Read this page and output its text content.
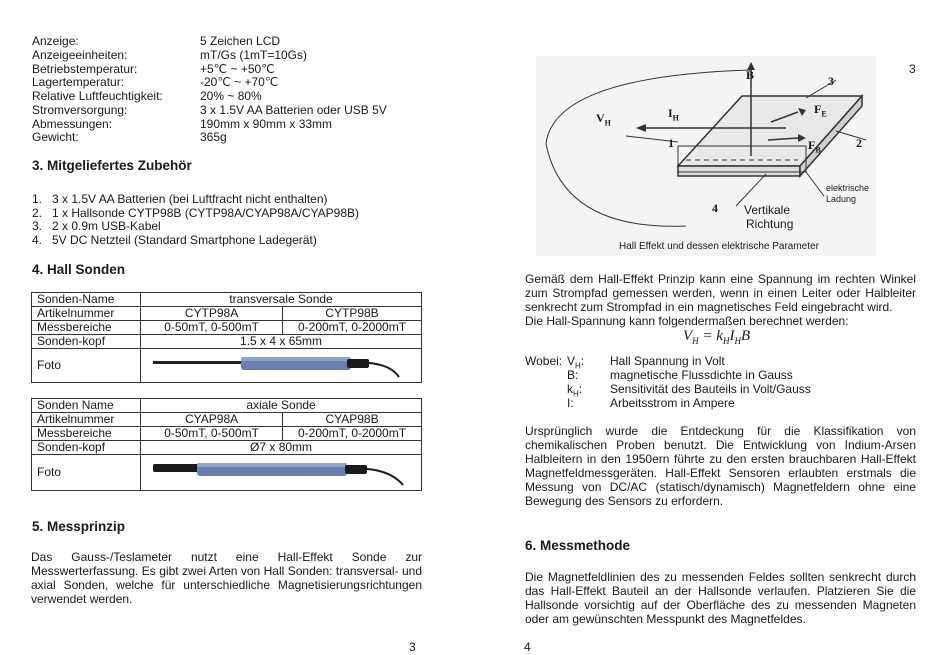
Anzeige:	5 Zeichen LCD
Anzeigeeinheiten:	mT/Gs (1mT=10Gs)
Betriebstemperatur:	+5℃ ~ +50℃
Lagertemperatur:	-20℃ ~ +70℃
Relative Luftfeuchtigkeit:	20% ~ 80%
Stromversorgung:	3 x 1.5V AA Batterien oder USB 5V
Abmessungen:	190mm x 90mm x 33mm
Gewicht:	365g
3. Mitgeliefertes Zubehör
1. 3 x 1.5V AA Batterien (bei Luftfracht nicht enthalten)
2. 1 x Hallsonde CYTP98B (CYTP98A/CYAP98A/CYAP98B)
3. 2 x 0.9m USB-Kabel
4. 5V DC Netzteil (Standard Smartphone Ladegerät)
4. Hall Sonden
Sonden-Name	transversale Sonde	
Artikelnummer	CYTP98A	CYTP98B
Messbereiche	0-50mT, 0-500mT	0-200mT, 0-2000mT
Sonden-kopf	1.5 x 4 x 65mm	
Foto	
Sonden Name	axiale Sonde	
Artikelnummer	CYAP98A	CYAP98B
Messbereiche	0-50mT, 0-500mT	0-200mT, 0-2000mT
Sonden-kopf	Ø7 x 80mm	
Foto	
5. Messprinzip
Das Gauss-/Teslameter nutzt eine Hall-Effekt Sonde zur Messwerterfassung. Es gibt zwei Arten von Hall Sonden: transversal- und axial Sonden, welche für unterschiedliche Magnetisierungsrichtungen verwendet werden.
3
3
$V_H$
$I_H$
B
$F_E$
$F_B$
1	2
3
4 Vertikale
Richtung
elektrische
Ladung
Hall Effekt und dessen elektrische Parameter
Gemäß dem Hall-Effekt Prinzip kann eine Spannung im rechten Winkel zum Strompfad gemessen werden, wenn in einen Leiter oder Halbleiter senkrecht zum Strompfad in ein magnetisches Feld eingebracht wird.
Die Hall-Spannung kann folgendermaßen berechnet werden:
$V_H = k_HI_HB$
Wobei: $V_H$: Hall Spannung in Volt
B:	magnetische Flussdichte in Gauss
$k_H$: Sensitivität des Bauteils in Volt/Gauss
I:	Arbeitsstrom in Ampere
Ursprünglich wurde die Entdeckung für die Klassifikation von chemikalischen Proben benutzt. Die Entwicklung von Indium-Arsen Halbleitern in den 1950ern führte zu den ersten brauchbaren Hall-Effekt Magnetfeldmessgeräten. Hall-Effekt Sensoren erlaubten erstmals die Messung von DC/AC (statisch/dynamisch) Magnetfeldern ohne eine Bewegung des Sensors zu erfordern.
6. Messmethode
Die Magnetfeldlinien des zu messenden Feldes sollten senkrecht durch das Hall-Effekt Bauteil an der Hallsonde verlaufen. Platzieren Sie die Hallsonde vorsichtig auf der Oberfläche des zu messenden Magneten oder am gewünschten Messpunkt des Magnetfeldes.
4
